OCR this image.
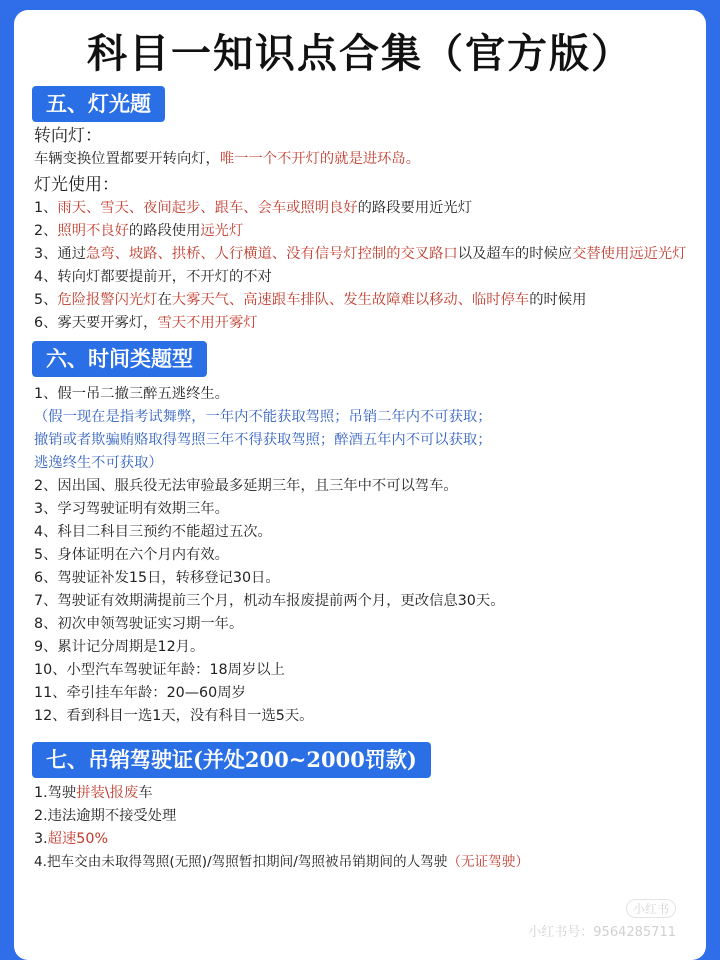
科目一知识点合集（官方版）
五、灯光题
转向灯：
车辆变换位置都要开转向灯，唯一一个不开灯的就是进环岛。
灯光使用：
1、雨天、雪天、夜间起步、跟车、会车或照明良好的路段要用近光灯
2、照明不良好的路段使用远光灯
3、通过急弯、坡路、拱桥、人行横道、没有信号灯控制的交叉路口以及超车的时候应交替使用远近光灯
4、转向灯都要提前开，不开灯的不对
5、危险报警闪光灯在大雾天气、高速跟车排队、发生故障难以移动、临时停车的时候用
6、雾天要开雾灯，雪天不用开雾灯
六、时间类题型
1、假一吊二撤三醉五逃终生。
（假一现在是指考试舞弊，一年内不能获取驾照；吊销二年内不可获取；
撤销或者欺骗贿赂取得驾照三年不得获取驾照；醉酒五年内不可以获取；
逃逸终生不可获取）
2、因出国、服兵役无法审验最多延期三年，且三年中不可以驾车。
3、学习驾驶证明有效期三年。
4、科目二科目三预约不能超过五次。
5、身体证明在六个月内有效。
6、驾驶证补发15日，转移登记30日。
7、驾驶证有效期满提前三个月，机动车报废提前两个月，更改信息30天。
8、初次申领驾驶证实习期一年。
9、累计记分周期是12月。
10、小型汽车驾驶证年龄：18周岁以上
11、牵引挂车年龄：20—60周岁
12、看到科目一选1天，没有科目一选5天。
七、吊销驾驶证(并处200~2000罚款)
1.驾驶拼装\报废车
2.违法逾期不接受处理
3.超速50%
4.把车交由未取得驾照(无照)/驾照暂扣期间/驾照被吊销期间的人驾驶（无证驾驶）
小红书
小红书号：9564285711
